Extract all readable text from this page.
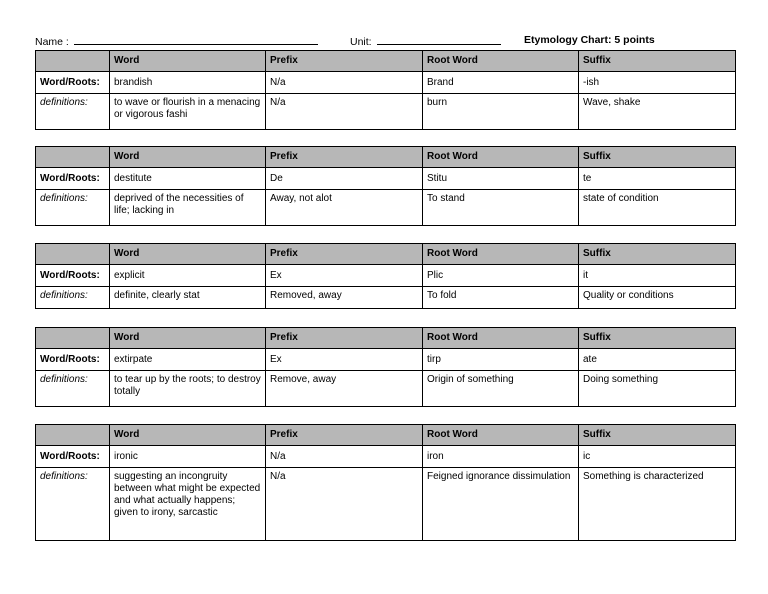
Name :	Unit:	Etymology Chart: 5 points
	Word	Prefix	Root Word	Suffix
Word/Roots:	brandish	N/a	Brand	-ish
definitions:	to wave or flourish in a menacing or vigorous fashi	N/a	burn	Wave, shake
	Word	Prefix	Root Word	Suffix
Word/Roots:	destitute	De	Stitu	te
definitions:	deprived of the necessities of life; lacking in	Away, not alot	To stand	state of condition
	Word	Prefix	Root Word	Suffix
Word/Roots:	explicit	Ex	Plic	it
definitions:	definite, clearly stat	Removed, away	To fold	Quality or conditions
	Word	Prefix	Root Word	Suffix
Word/Roots:	extirpate	Ex	tirp	ate
definitions:	to tear up by the roots; to destroy totally	Remove, away	Origin of something	Doing something
	Word	Prefix	Root Word	Suffix
Word/Roots:	ironic	N/a	iron	ic
definitions:	suggesting an incongruity between what might be expected and what actually happens; given to irony, sarcastic	N/a	Feigned ignorance dissimulation	Something is characterized
